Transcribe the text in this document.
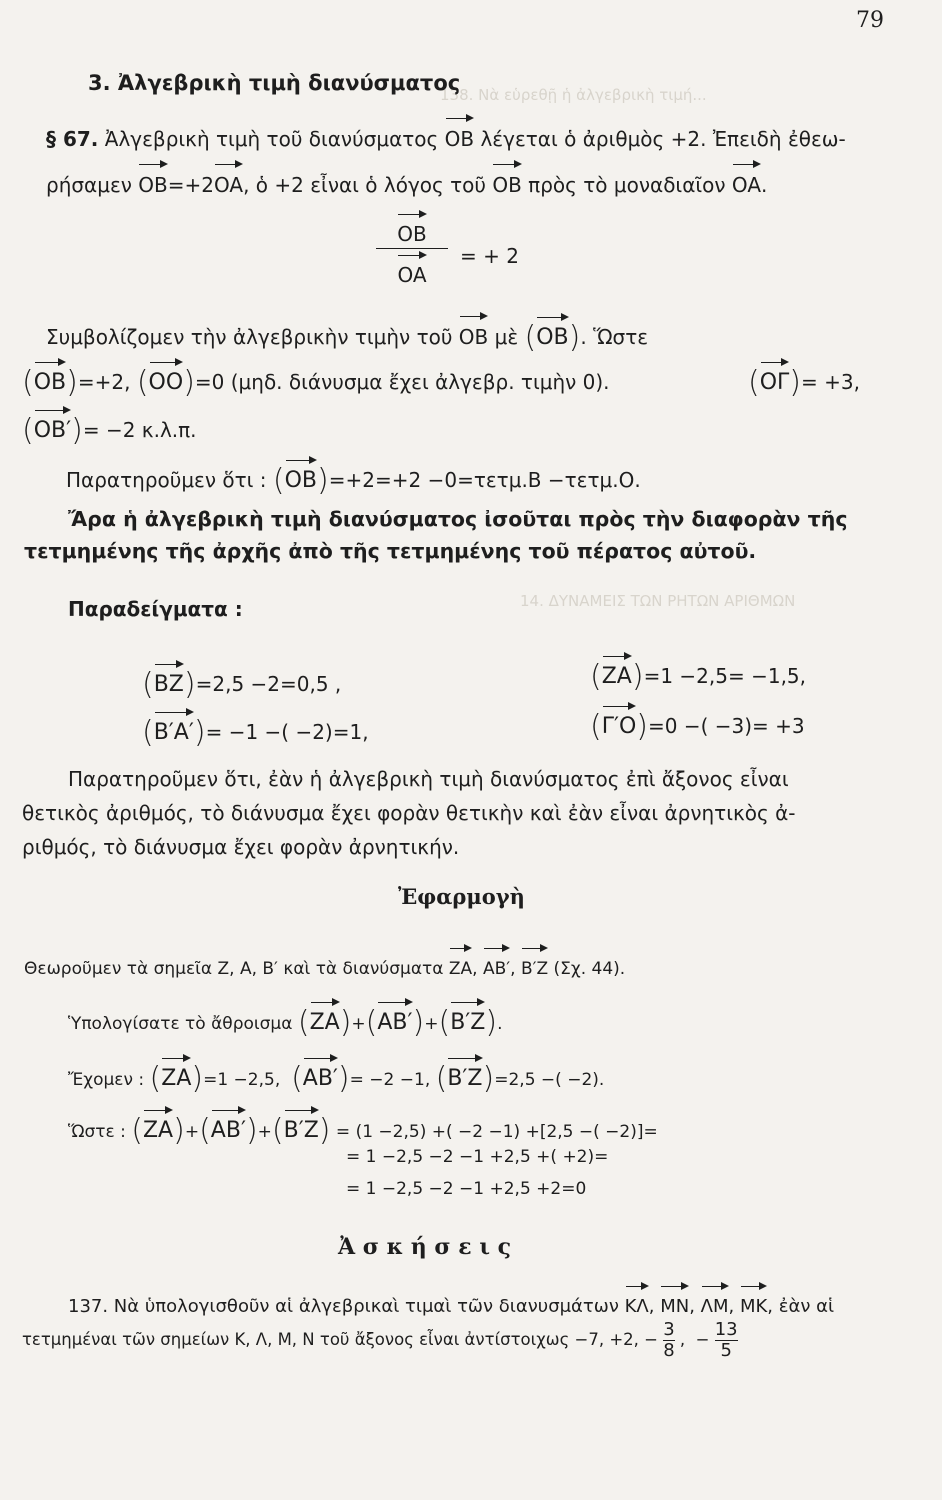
138. Νὰ εὑρεθῇ ἡ ἀλγεβρικὴ τιμή...
14. ΔΥΝΑΜΕΙΣ ΤΩΝ ΡΗΤΩΝ ΑΡΙΘΜΩΝ
79
3. Ἀλγεβρικὴ τιμὴ διανύσματος
§ 67. Ἀλγεβρικὴ τιμὴ τοῦ διανύσματος OB λέγεται ὁ ἀριθμὸς +2. Ἐπειδὴ ἐθεω-
ρήσαμεν OB=+2OA, ὁ +2 εἶναι ὁ λόγος τοῦ OB πρὸς τὸ μοναδιαῖον OA.
OB
OA
= + 2
Συμβολίζομεν τὴν ἀλγεβρικὴν τιμὴν τοῦ OB μὲ (OB). Ὥστε
(OB)=+2, (OO)=0 (μηδ. διάνυσμα ἔχει ἀλγεβρ. τιμὴν 0).	(OΓ)= +3,
(OB′)= −2 κ.λ.π.
Παρατηροῦμεν ὅτι : (OB)=+2=+2 −0=τετμ.Β −τετμ.Ο.
Ἄρα ἡ ἀλγεβρικὴ τιμὴ διανύσματος ἰσοῦται πρὸς τὴν διαφορὰν τῆς
τετμημένης τῆς ἀρχῆς ἀπὸ τῆς τετμημένης τοῦ πέρατος αὐτοῦ.
Παραδείγματα :
(BZ)=2,5 −2=0,5 ,	(ZA)=1 −2,5= −1,5,
(B′A′)= −1 −( −2)=1,	(Γ′O)=0 −( −3)= +3
Παρατηροῦμεν ὅτι, ἐὰν ἡ ἀλγεβρικὴ τιμὴ διανύσματος ἐπὶ ἄξονος εἶναι
θετικὸς ἀριθμός, τὸ διάνυσμα ἔχει φορὰν θετικὴν καὶ ἐὰν εἶναι ἀρνητικὸς ἀ-
ριθμός, τὸ διάνυσμα ἔχει φορὰν ἀρνητικήν.
Ἐφαρμογὴ
Θεωροῦμεν τὰ σημεῖα Ζ, Α, Β′ καὶ τὰ διανύσματα ZA, AB′, B′Z (Σχ. 44).
Ὑπολογίσατε τὸ ἄθροισμα (ZA)+(AB′)+(B′Z).
Ἔχομεν : (ZA)=1 −2,5, (AB′)= −2 −1, (B′Z)=2,5 −( −2).
Ὥστε : (ZA)+(AB′)+(B′Z) = (1 −2,5) +( −2 −1) +[2,5 −( −2)]=
= 1 −2,5 −2 −1 +2,5 +( +2)=
= 1 −2,5 −2 −1 +2,5 +2=0
Ἀ σ κ ή σ ε ι ς
137. Νὰ ὑπολογισθοῦν αἱ ἀλγεβρικαὶ τιμαὶ τῶν διανυσμάτων KΛ, MN, ΛM, MK, ἐὰν αἱ
τετμημέναι τῶν σημείων Κ, Λ, Μ, Ν τοῦ ἄξονος εἶναι ἀντίστοιχως −7, +2, − $\frac{3}{8}$ ,  − $\frac{13}{5}$
